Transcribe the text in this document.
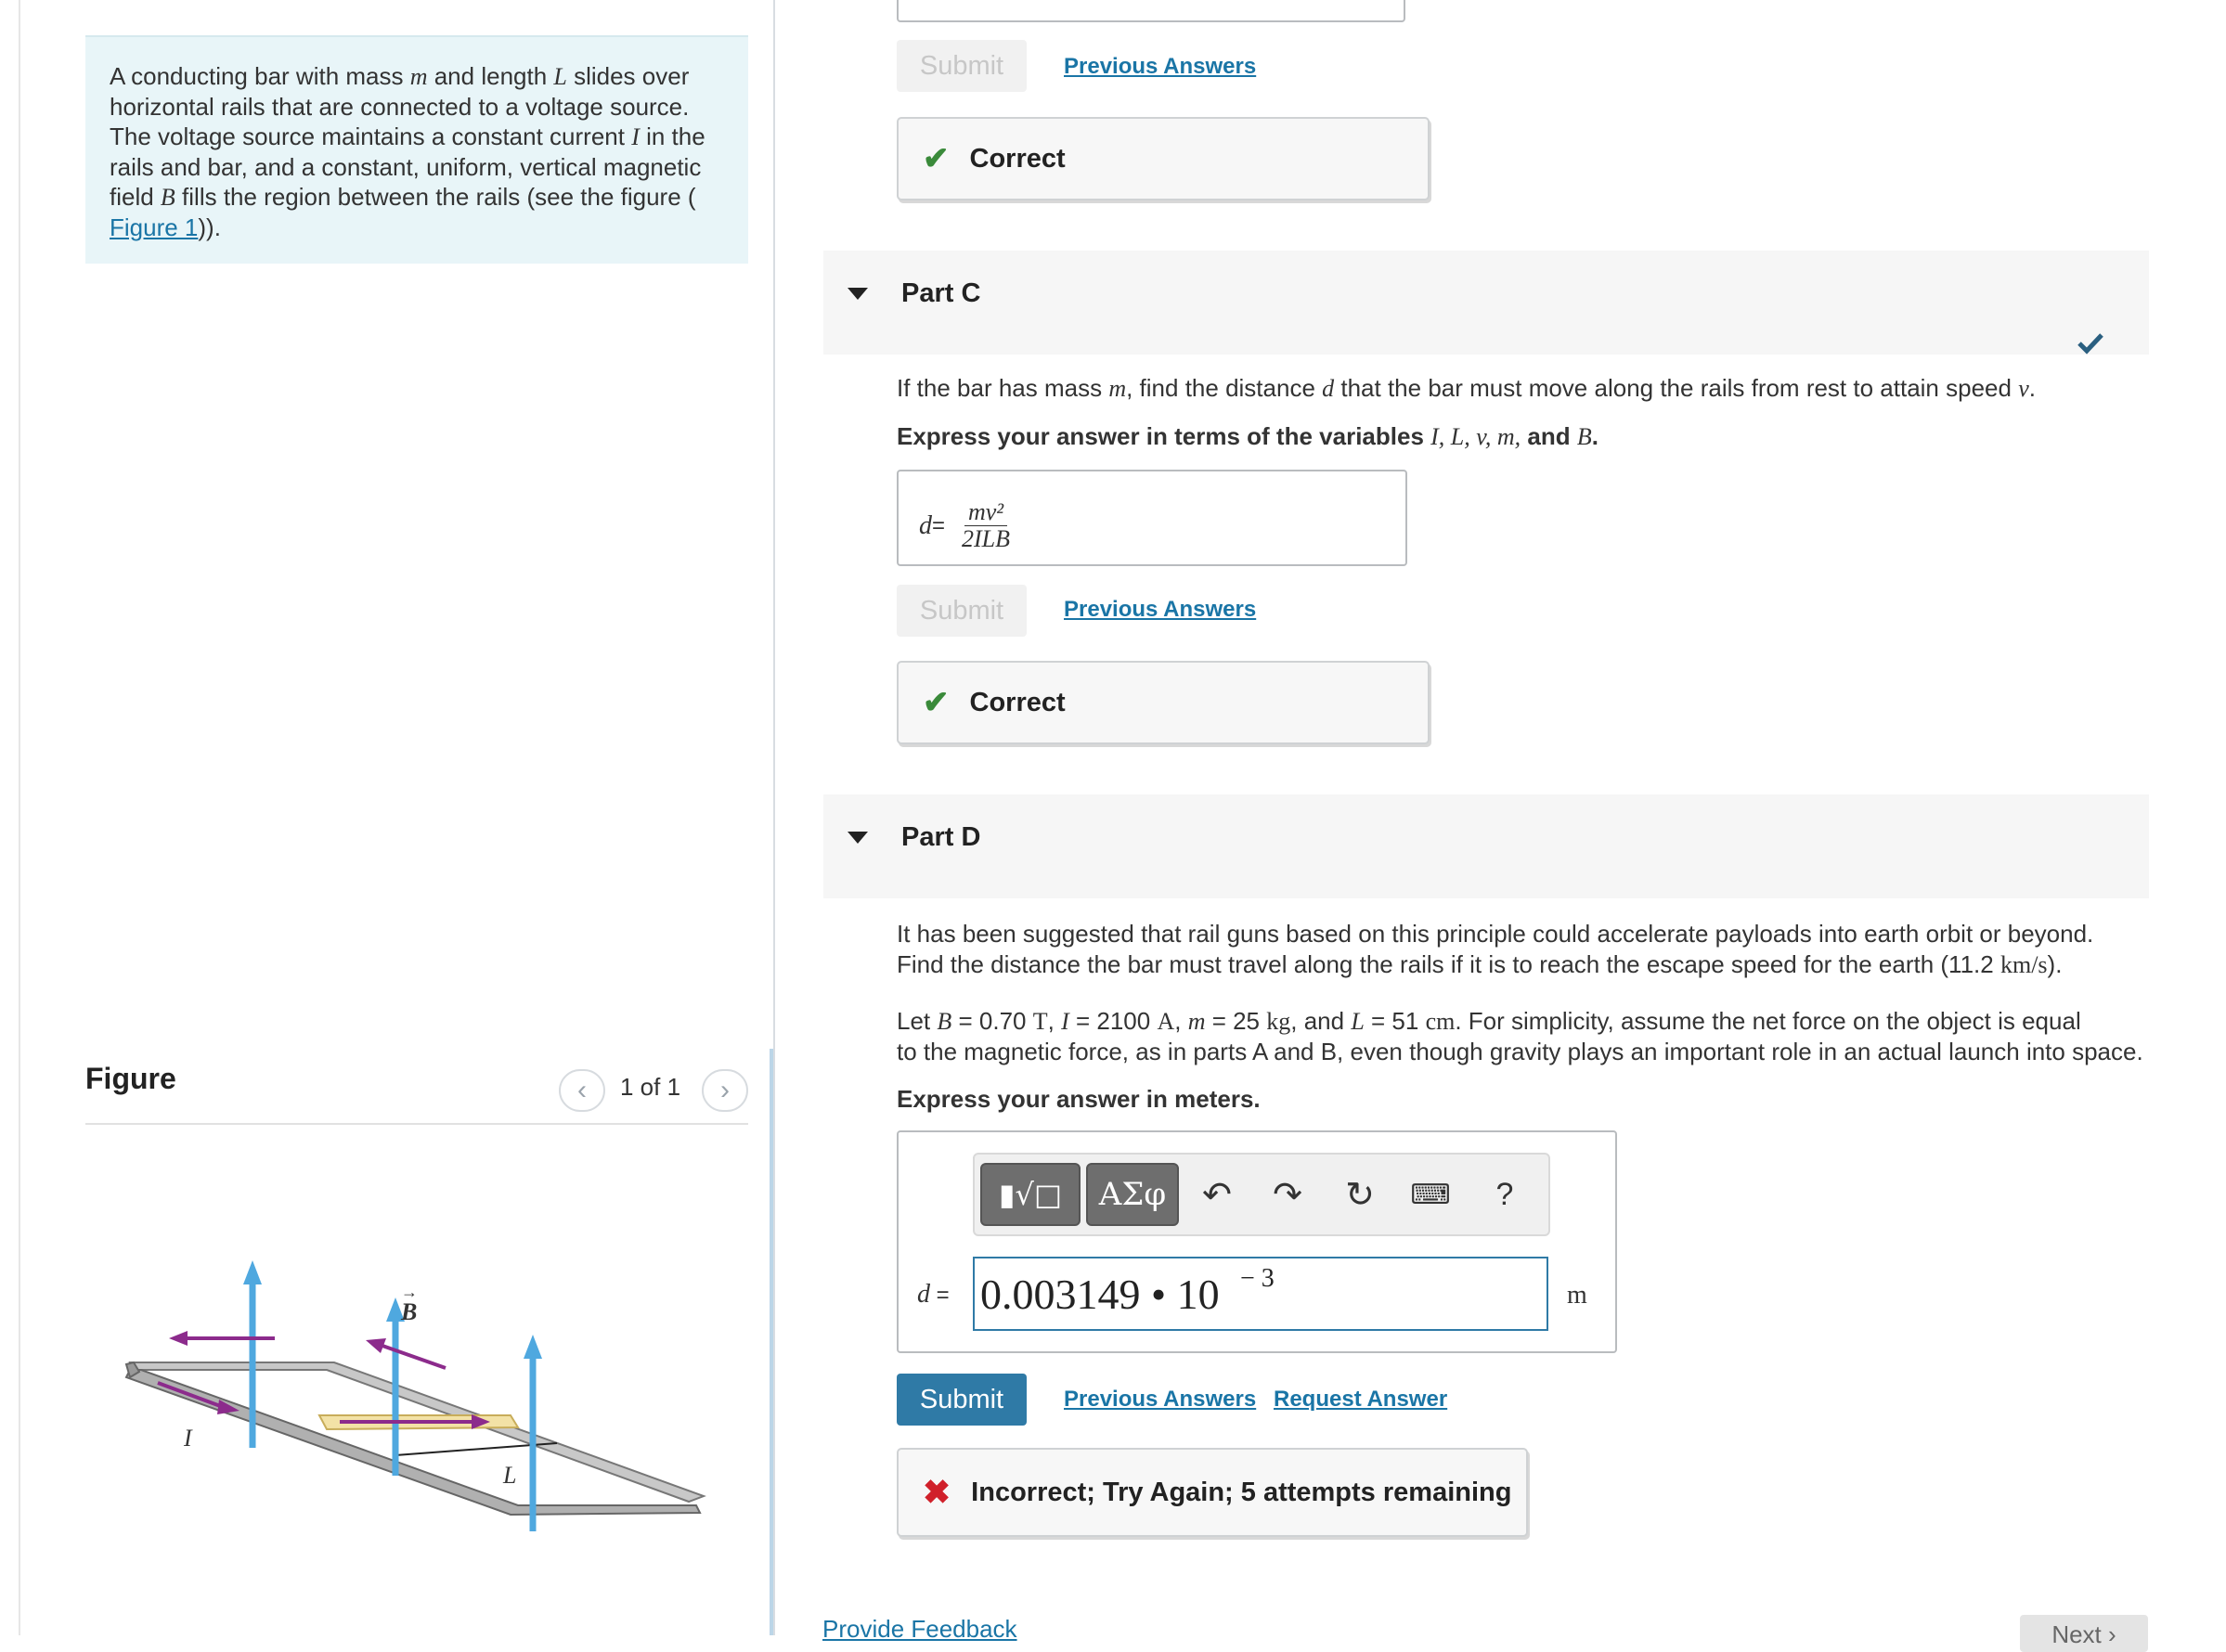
A conducting bar with mass m and length L slides over
horizontal rails that are connected to a voltage source.
The voltage source maintains a constant current I in the
rails and bar, and a constant, uniform, vertical magnetic
field B fills the region between the rails (see the figure (
Figure 1)).
Figure	‹ 1 of 1 ›
L
B
→
I
Submit	Previous Answers
✔ Correct
Part C
If the bar has mass m, find the distance d that the bar must move along the rails from rest to attain speed v.
Express your answer in terms of the variables I, L, v, m, and B.
$d = \frac{\text{mv²}}{\text{2ILB}}$
Submit	Previous Answers
✔ Correct
Part D
It has been suggested that rail guns based on this principle could accelerate payloads into earth orbit or beyond.
Find the distance the bar must travel along the rails if it is to reach the escape speed for the earth (11.2 km/s).
Let B = 0.70 T, I = 2100 A, m = 25 kg, and L = 51 cm. For simplicity, assume the net force on the object is equal
to the magnetic force, as in parts A and B, even though gravity plays an important role in an actual launch into space.
Express your answer in meters.
▮√□	ΑΣφ	↶ ↷ ↻	⌨	?
d = 0.003149 • 10 − 3
m
Submit	Previous Answers Request Answer
✖ Incorrect; Try Again; 5 attempts remaining
Provide Feedback	Next ›
